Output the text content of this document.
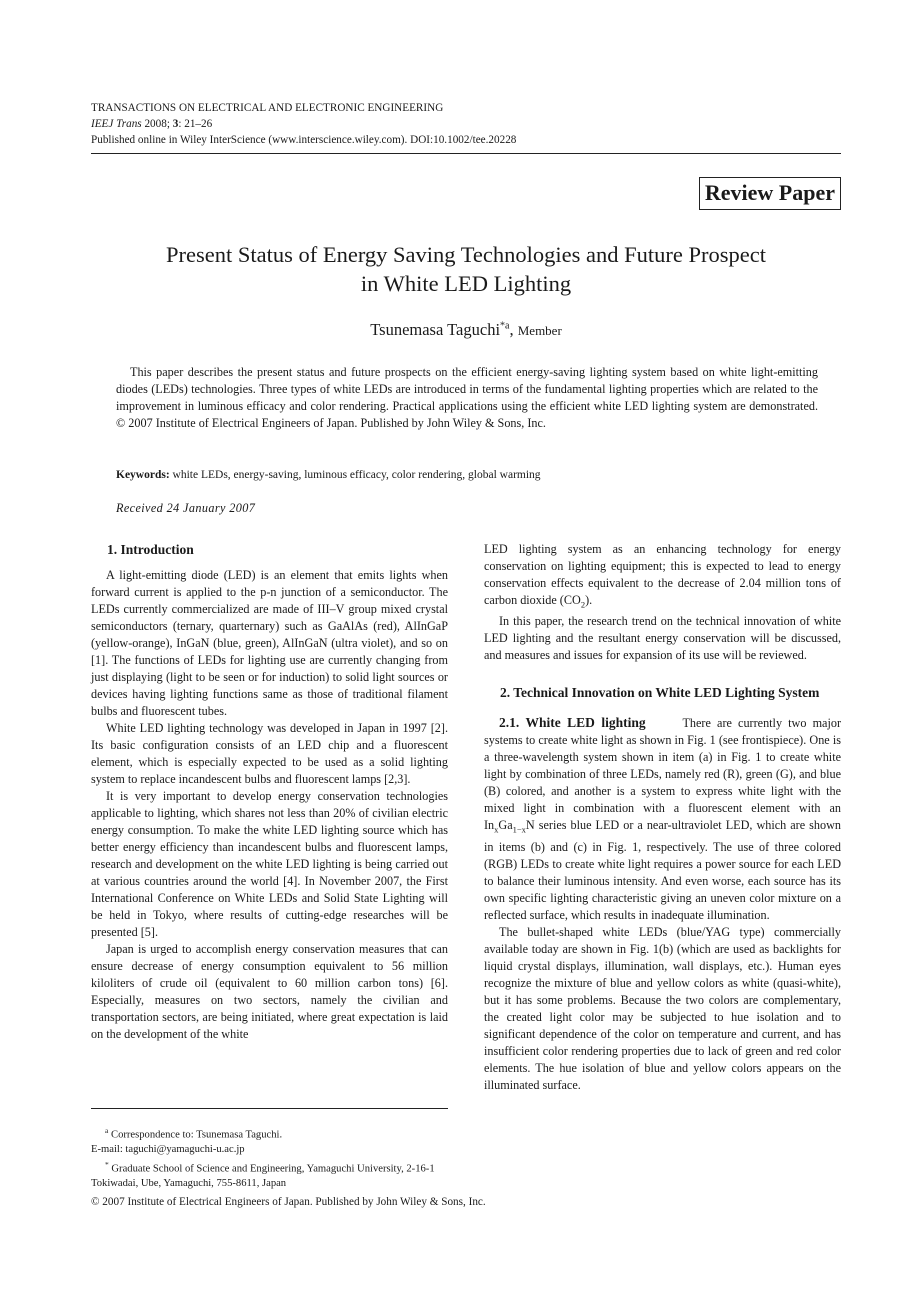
TRANSACTIONS ON ELECTRICAL AND ELECTRONIC ENGINEERING
IEEJ Trans 2008; 3: 21–26
Published online in Wiley InterScience (www.interscience.wiley.com). DOI:10.1002/tee.20228
Review Paper
Present Status of Energy Saving Technologies and Future Prospect
in White LED Lighting
Tsunemasa Taguchi$^{*a}$, Member

This paper describes the present status and future prospects on the efficient energy-saving lighting system based on white light-emitting diodes (LEDs) technologies. Three types of white LEDs are introduced in terms of the fundamental lighting properties which are related to the improvement in luminous efficacy and color rendering. Practical applications using the efficient white LED lighting system are demonstrated. © 2007 Institute of Electrical Engineers of Japan. Published by John Wiley & Sons, Inc.

Keywords: white LEDs, energy-saving, luminous efficacy, color rendering, global warming

Received 24 January 2007
1. Introduction

A light-emitting diode (LED) is an element that emits lights when forward current is applied to the p-n junction of a semiconductor. The LEDs currently commercialized are made of III–V group mixed crystal semiconductors (ternary, quarternary) such as GaAlAs (red), AlInGaP (yellow-orange), InGaN (blue, green), AlInGaN (ultra violet), and so on [1]. The functions of LEDs for lighting use are currently changing from just displaying (light to be seen or for induction) to solid light sources or devices having lighting functions same as those of traditional filament bulbs and fluorescent tubes.

White LED lighting technology was developed in Japan in 1997 [2]. Its basic configuration consists of an LED chip and a fluorescent element, which is especially expected to be used as a solid lighting system to replace incandescent bulbs and fluorescent lamps [2,3].

It is very important to develop energy conservation technologies applicable to lighting, which shares not less than 20% of civilian electric energy consumption. To make the white LED lighting source which has better energy efficiency than incandescent bulbs and fluorescent lamps, research and development on the white LED lighting is being carried out at various countries around the world [4]. In November 2007, the First International Conference on White LEDs and Solid State Lighting will be held in Tokyo, where results of cutting-edge researches will be presented [5].

Japan is urged to accomplish energy conservation measures that can ensure decrease of energy consumption equivalent to 56 million kiloliters of crude oil (equivalent to 60 million carbon tons) [6]. Especially, measures on two sectors, namely the civilian and transportation sectors, are being initiated, where great expectation is laid on the development of the white

LED lighting system as an enhancing technology for energy conservation on lighting equipment; this is expected to lead to energy conservation effects equivalent to the decrease of 2.04 million tons of carbon dioxide $(CO_2)$.

In this paper, the research trend on the technical innovation of white LED lighting and the resultant energy conservation will be discussed, and measures and issues for expansion of its use will be reviewed.

2. Technical Innovation on White LED Lighting System

2.1. White LED lighting	There are currently two major systems to create white light as shown in Fig. 1 (see frontispiece). One is a three-wavelength system shown in item (a) in Fig. 1 to create white light by combination of three LEDs, namely red (R), green (G), and blue (B) colored, and another is a system to express white light with the mixed light in combination with a fluorescent element with an $In_xGa_{1-x}N$ series blue LED or a near-ultraviolet LED, which are shown in items (b) and (c) in Fig. 1, respectively. The use of three colored (RGB) LEDs to create white light requires a power source for each LED to balance their luminous intensity. And even worse, each source has its own specific lighting characteristic giving an uneven color mixture on a reflected surface, which results in inadequate illumination.

The bullet-shaped white LEDs (blue/YAG type) commercially available today are shown in Fig. 1(b) (which are used as backlights for liquid crystal displays, illumination, wall displays, etc.). Human eyes recognize the mixture of blue and yellow colors as white (quasi-white), but it has some problems. Because the two colors are complementary, the created light color may be subjected to hue isolation and to significant dependence of the color on temperature and current, and has insufficient color rendering properties due to lack of green and red color elements. The hue isolation of blue and yellow colors appears on the illuminated surface.

$^a$ Correspondence to: Tsunemasa Taguchi.

E-mail: taguchi@yamaguchi-u.ac.jp

* Graduate School of Science and Engineering, Yamaguchi University, 2-16-1 Tokiwadai, Ube, Yamaguchi, 755-8611, Japan

© 2007 Institute of Electrical Engineers of Japan. Published by John Wiley & Sons, Inc.
